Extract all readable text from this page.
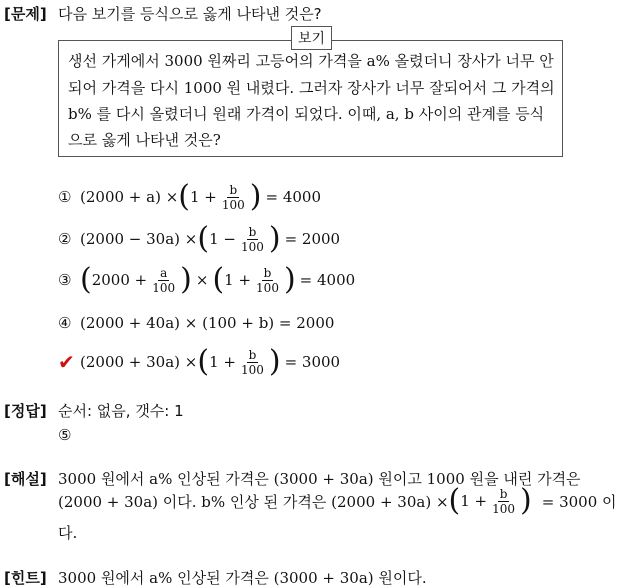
[문제] 다음 보기를 등식으로 옳게 나타낸 것은?
보기
생선 가게에서 3000 원짜리 고등어의 가격을 a% 올렸더니 장사가 너무 안
되어 가격을 다시 1000 원 내렸다. 그러자 장사가 너무 잘되어서 그 가격의
b% 를 다시 올렸더니 원래 가격이 되었다. 이때, a, b 사이의 관계를 등식
으로 옳게 나타낸 것은?
① (2000 + a) × ( $1 + \frac{b}{100}$ ) = 4000
② (2000 − 30a) × ( $1 - \frac{b}{100}$ ) = 2000
③ ( $2000 + \frac{a}{100}$ ) × ( $1 + \frac{b}{100}$ ) = 4000
④ (2000 + 40a) × (100 + b) = 2000
✔ (2000 + 30a) × ( $1 + \frac{b}{100}$ ) = 3000
[정답] 순서: 없음, 갯수: 1
⑤
[해설] 3000 원에서 a% 인상된 가격은 (3000 + 30a) 원이고 1000 원을 내린 가격은
(2000 + 30a) 이다. b% 인상 된 가격은 (2000 + 30a) × ( $1 + \frac{b}{100}$ ) = 3000 이
다.
[힌트] 3000 원에서 a% 인상된 가격은 (3000 + 30a) 원이다.
